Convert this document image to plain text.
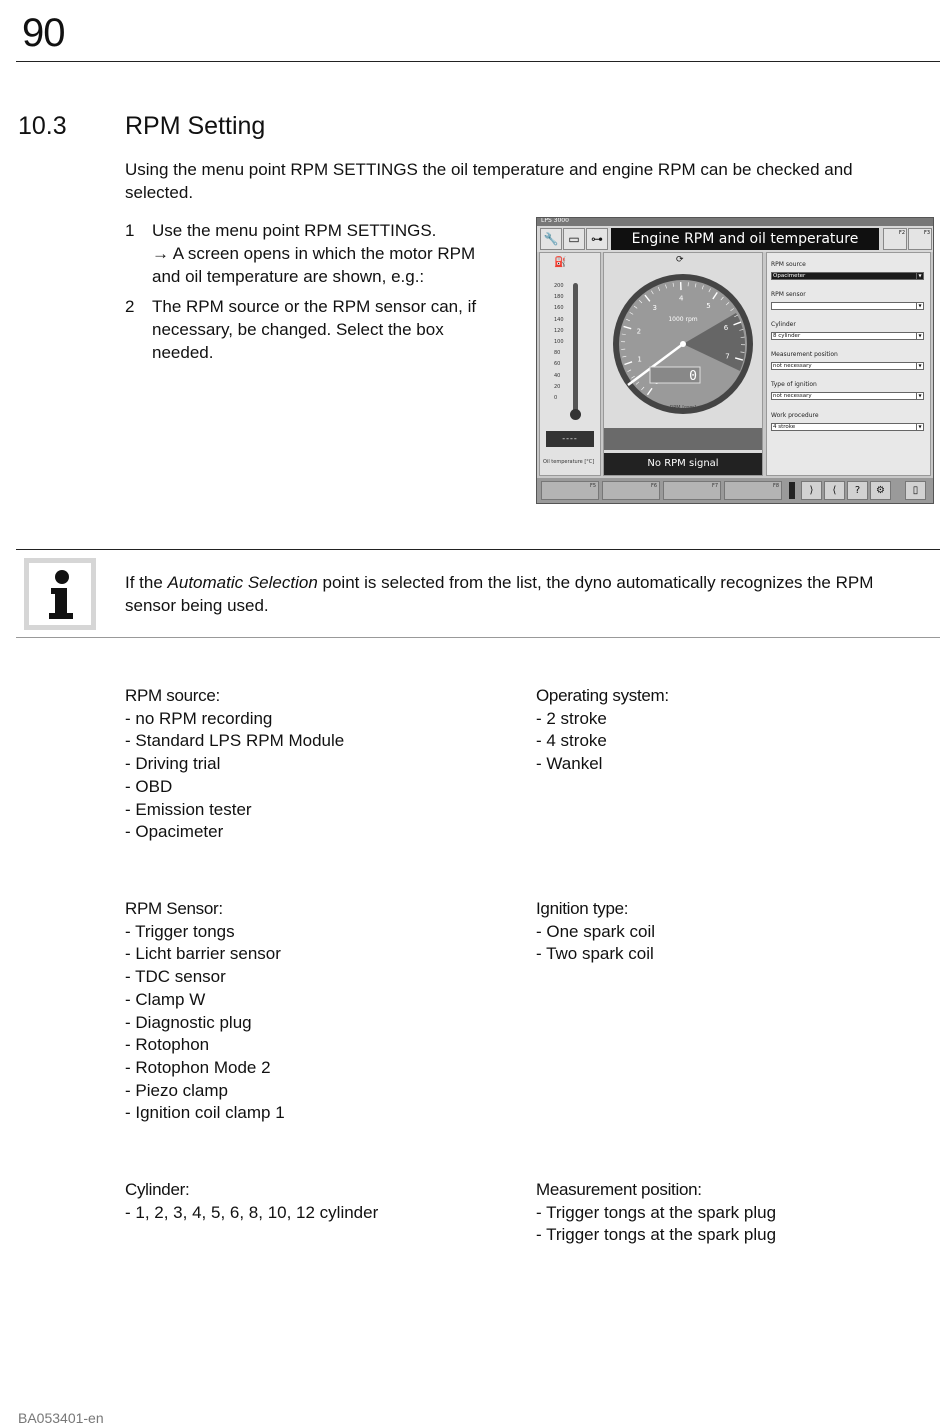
90
10.3 RPM Setting
Using the menu point RPM SETTINGS the oil temperature and engine RPM can be checked and selected.
1 Use the menu point RPM SETTINGS.

→ A screen opens in which the motor RPM

and oil temperature are shown, e.g.:

2 The RPM source or the RPM sensor can, if

necessary, be changed. Select the box

needed.

LPS 3000
🔧 ▭ ⊶	F2	F3
Engine RPM and oil temperature
⛽
200
180
160
140
120
100
80
60
40
20
0
----
Oil temperature [°C]
⟳
1
2
3
4
5
6
7
1000 rpm
0
RPM [rpm]
No RPM signal
RPM source
Opacimeter	▼
RPM sensor
▼
Cylinder
8 cylinder	▼
Measurement position
not necessary	▼
Type of ignition
not necessary	▼
Work procedure
4 stroke	▼
F5	F6	F7	F8	⟩	⟨	?	⚙	▯
If the Automatic Selection point is selected from the list, the dyno automatically recognizes the RPM sensor being used.
RPM source:
- no RPM recording
- Standard LPS RPM Module
- Driving trial
- OBD
- Emission tester
- Opacimeter
Operating system:
- 2 stroke
- 4 stroke
- Wankel
RPM Sensor:
- Trigger tongs
- Licht barrier sensor
- TDC sensor
- Clamp W
- Diagnostic plug
- Rotophon
- Rotophon Mode 2
- Piezo clamp
- Ignition coil clamp 1
Ignition type:
- One spark coil
- Two spark coil
Cylinder:
- 1, 2, 3, 4, 5, 6, 8, 10, 12 cylinder
Measurement position:
- Trigger tongs at the spark plug
- Trigger tongs at the spark plug
BA053401-en
